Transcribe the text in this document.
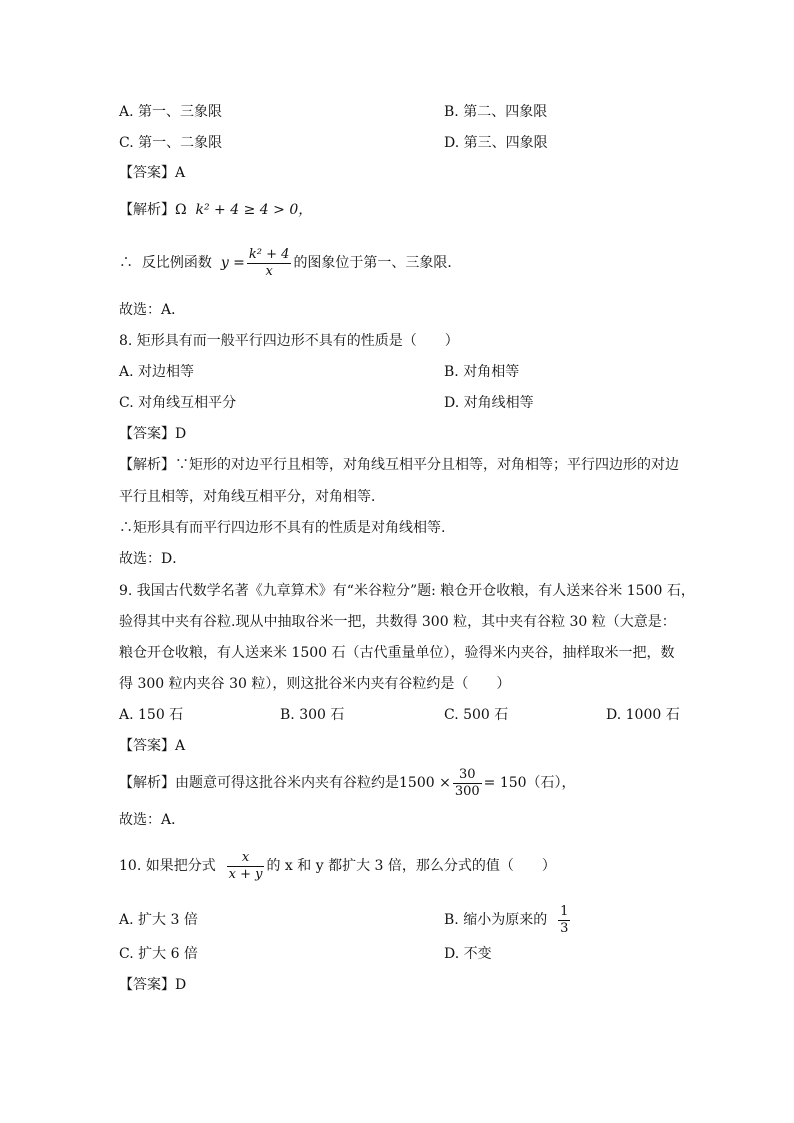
A. 第一、三象限	B. 第二、四象限
C. 第一、二象限	D. 第三、四象限
【答案】A
【解析】Ω k² + 4 ≥ 4 > 0，
∴ 反比例函数 $y = \frac{\text{k² + 4}}{x}$ 的图象位于第一、三象限．
故选：A．
8. 矩形具有而一般平行四边形不具有的性质是（　　）
A. 对边相等	B. 对角相等
C. 对角线互相平分	D. 对角线相等
【答案】D
【解析】∵矩形的对边平行且相等，对角线互相平分且相等，对角相等；平行四边形的对边
平行且相等，对角线互相平分，对角相等．
∴矩形具有而平行四边形不具有的性质是对角线相等.
故选：D．
9. 我国古代数学名著《九章算术》有“米谷粒分”题: 粮仓开仓收粮，有人送来谷米 1500 石，
验得其中夹有谷粒.现从中抽取谷米一把，共数得 300 粒，其中夹有谷粒 30 粒（大意是：
粮仓开仓收粮，有人送来米 1500 石（古代重量单位），验得米内夹谷，抽样取米一把，数
得 300 粒内夹谷 30 粒），则这批谷米内夹有谷粒约是（　　）
A. 150 石	B. 300 石	C. 500 石	D. 1000 石
【答案】A
【解析】由题意可得这批谷米内夹有谷粒约是$1500 \times \frac{30}{300} = 150$（石），
故选：A．
10. 如果把分式 $\frac{x}{x + y}$ 的 x 和 y 都扩大 3 倍，那么分式的值（　　）
A. 扩大 3 倍	B. 缩小为原来的 $\frac{1}{3}$
C. 扩大 6 倍	D. 不变
【答案】D
